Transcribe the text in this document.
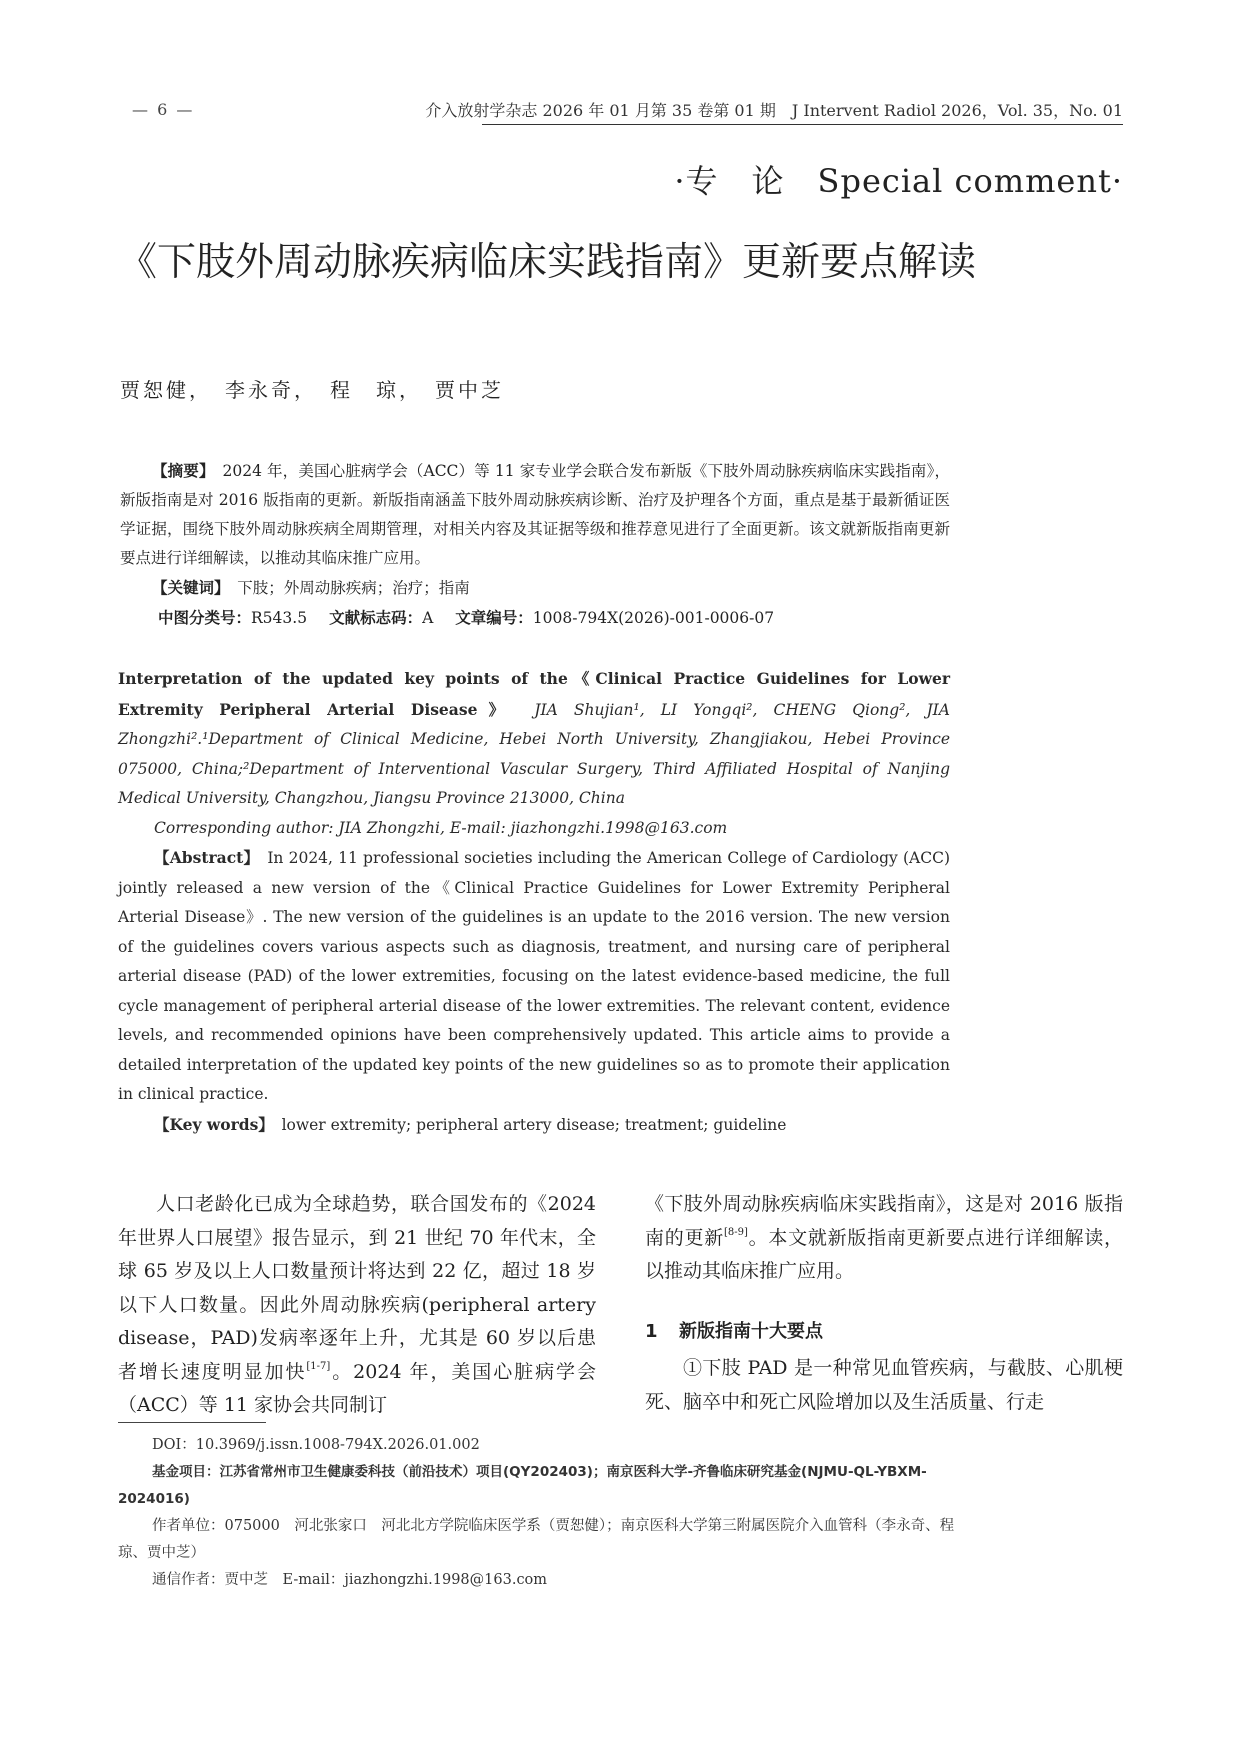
— 6 —	介入放射学杂志 2026 年 01 月第 35 卷第 01 期　J Intervent Radiol 2026，Vol. 35，No. 01
·专　论　Special comment·
《下肢外周动脉疾病临床实践指南》更新要点解读
贾恕健，　李永奇，　程　琼，　贾中芝

【摘要】　 2024 年，美国心脏病学会（ACC）等 11 家专业学会联合发布新版《下肢外周动脉疾病临床实践指南》，新版指南是对 2016 版指南的更新。新版指南涵盖下肢外周动脉疾病诊断、治疗及护理各个方面，重点是基于最新循证医学证据，围绕下肢外周动脉疾病全周期管理，对相关内容及其证据等级和推荐意见进行了全面更新。该文就新版指南更新要点进行详细解读，以推动其临床推广应用。

【关键词】　 下肢；外周动脉疾病；治疗；指南

中图分类号：R543.5 文献标志码：A 文章编号：1008-794X(2026)-001-0006-07

Interpretation of the updated key points of the《Clinical Practice Guidelines for Lower Extremity Peripheral Arterial Disease》　 JIA Shujian¹, LI Yongqi², CHENG Qiong², JIA Zhongzhi².¹Department of Clinical Medicine, Hebei North University, Zhangjiakou, Hebei Province 075000, China;²Department of Interventional Vascular Surgery, Third Affiliated Hospital of Nanjing Medical University, Changzhou, Jiangsu Province 213000, China

Corresponding author: JIA Zhongzhi, E-mail: jiazhongzhi.1998@163.com

【Abstract】　 In 2024, 11 professional societies including the American College of Cardiology (ACC) jointly released a new version of the《Clinical Practice Guidelines for Lower Extremity Peripheral Arterial Disease》. The new version of the guidelines is an update to the 2016 version. The new version of the guidelines covers various aspects such as diagnosis, treatment, and nursing care of peripheral arterial disease (PAD) of the lower extremities, focusing on the latest evidence-based medicine, the full cycle management of peripheral arterial disease of the lower extremities. The relevant content, evidence levels, and recommended opinions have been comprehensively updated. This article aims to provide a detailed interpretation of the updated key points of the new guidelines so as to promote their application in clinical practice.

【Key words】　 lower extremity; peripheral artery disease; treatment; guideline

人口老龄化已成为全球趋势，联合国发布的《2024 年世界人口展望》报告显示，到 21 世纪 70 年代末，全球 65 岁及以上人口数量预计将达到 22 亿，超过 18 岁以下人口数量。因此外周动脉疾病(peripheral artery disease，PAD)发病率逐年上升，尤其是 60 岁以后患者增长速度明显加快[1-7]。2024 年，美国心脏病学会（ACC）等 11 家协会共同制订

《下肢外周动脉疾病临床实践指南》，这是对 2016 版指南的更新[8-9]。本文就新版指南更新要点进行详细解读，以推动其临床推广应用。

1 新版指南十大要点

①下肢 PAD 是一种常见血管疾病，与截肢、心肌梗死、脑卒中和死亡风险增加以及生活质量、行走

DOI：10.3969/j.issn.1008-794X.2026.01.002

基金项目：江苏省常州市卫生健康委科技（前沿技术）项目(QY202403)；南京医科大学-齐鲁临床研究基金(NJMU-QL-YBXM-2024016)

作者单位：075000　河北张家口　河北北方学院临床医学系（贾恕健）；南京医科大学第三附属医院介入血管科（李永奇、程　琼、贾中芝）

通信作者：贾中芝　E-mail：jiazhongzhi.1998@163.com
